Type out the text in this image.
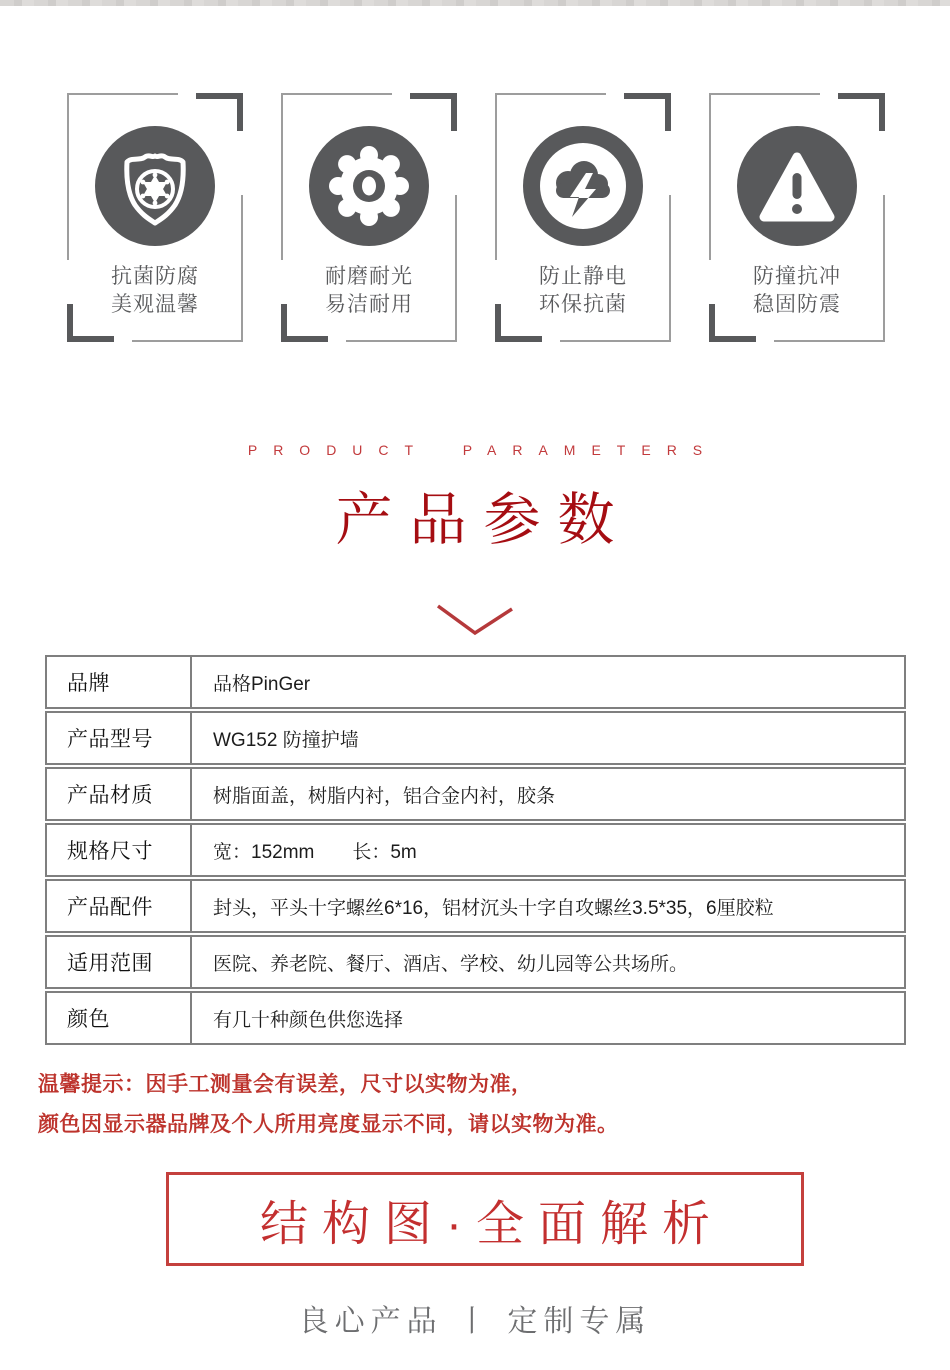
抗菌防腐
美观温馨
耐磨耐光
易洁耐用
防止静电
环保抗菌
防撞抗冲
稳固防震
PRODUCT PARAMETERS
产品参数
品牌	品格PinGer
产品型号	WG152 防撞护墙
产品材质	树脂面盖，树脂内衬，铝合金内衬，胶条
规格尺寸	宽：152mm　　长：5m
产品配件	封头，平头十字螺丝6*16，铝材沉头十字自攻螺丝3.5*35，6厘胶粒
适用范围	医院、养老院、餐厅、酒店、学校、幼儿园等公共场所。
颜色	有几十种颜色供您选择
温馨提示：因手工测量会有误差，尺寸以实物为准，
颜色因显示器品牌及个人所用亮度显示不同，请以实物为准。
结构图·全面解析
良心产品 丨 定制专属
